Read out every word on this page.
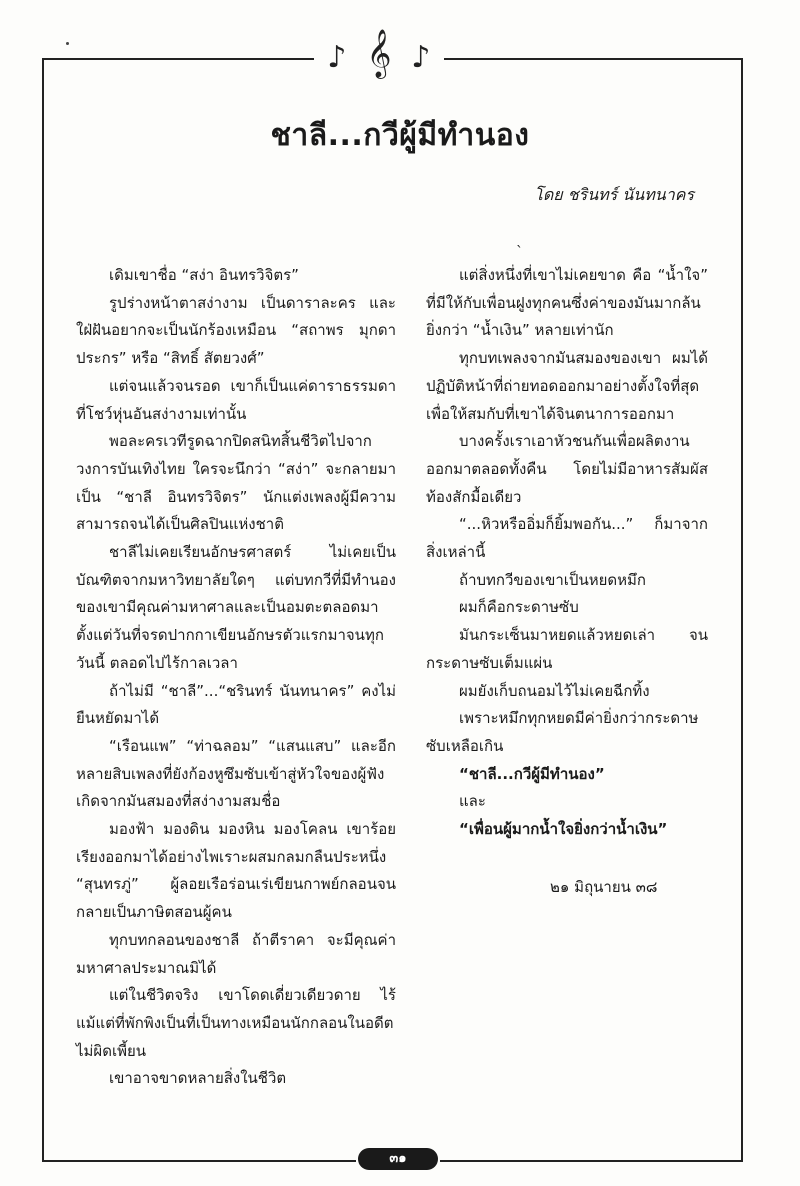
♪ 𝄞 ♪
ชาลี...กวีผู้มีทำนอง
โดย ชรินทร์ นันทนาคร
ˎ

เดิมเขาชื่อ “สง่า อินทรวิจิตร”

รูปร่างหน้าตาสง่างาม เป็นดาราละคร และใฝ่ฝันอยากจะเป็นนักร้องเหมือน “สถาพร มุกดาประกร” หรือ “สิทธิ์ สัตยวงศ์”

แต่จนแล้วจนรอด เขาก็เป็นแค่ดาราธรรมดาที่โชว์หุ่นอันสง่างามเท่านั้น

พอละครเวทีรูดฉากปิดสนิทสิ้นชีวิตไปจากวงการบันเทิงไทย ใครจะนึกว่า “สง่า” จะกลายมาเป็น “ชาลี อินทรวิจิตร” นักแต่งเพลงผู้มีความสามารถจนได้เป็นศิลปินแห่งชาติ

ชาลีไม่เคยเรียนอักษรศาสตร์ ไม่เคยเป็นบัณฑิตจากมหาวิทยาลัยใดๆ แต่บทกวีที่มีทำนองของเขามีคุณค่ามหาศาลและเป็นอมตะตลอดมาตั้งแต่วันที่จรดปากกาเขียนอักษรตัวแรกมาจนทุกวันนี้ ตลอดไปไร้กาลเวลา

ถ้าไม่มี “ชาลี”...“ชรินทร์ นันทนาคร” คงไม่ยืนหยัดมาได้

“เรือนแพ” “ท่าฉลอม” “แสนแสบ” และอีกหลายสิบเพลงที่ยังก้องหูซึมซับเข้าสู่หัวใจของผู้ฟังเกิดจากมันสมองที่สง่างามสมชื่อ

มองฟ้า มองดิน มองหิน มองโคลน เขาร้อยเรียงออกมาได้อย่างไพเราะผสมกลมกลืนประหนึ่ง “สุนทรภู่” ผู้ลอยเรือร่อนเร่เขียนกาพย์กลอนจนกลายเป็นภาษิตสอนผู้คน

ทุกบทกลอนของชาลี ถ้าตีราคา จะมีคุณค่ามหาศาลประมาณมิได้

แต่ในชีวิตจริง เขาโดดเดี่ยวเดียวดาย ไร้แม้แต่ที่พักพิงเป็นที่เป็นทางเหมือนนักกลอนในอดีตไม่ผิดเพี้ยน

เขาอาจขาดหลายสิ่งในชีวิต

แต่สิ่งหนึ่งที่เขาไม่เคยขาด คือ “น้ำใจ” ที่มีให้กับเพื่อนฝูงทุกคนซึ่งค่าของมันมากล้นยิ่งกว่า “น้ำเงิน” หลายเท่านัก

ทุกบทเพลงจากมันสมองของเขา ผมได้ปฏิบัติหน้าที่ถ่ายทอดออกมาอย่างตั้งใจที่สุดเพื่อให้สมกับที่เขาได้จินตนาการออกมา

บางครั้งเราเอาหัวชนกันเพื่อผลิตงานออกมาตลอดทั้งคืน โดยไม่มีอาหารสัมผัสท้องสักมื้อเดียว

“...หิวหรืออิ่มก็ยิ้มพอกัน...” ก็มาจากสิ่งเหล่านี้

ถ้าบทกวีของเขาเป็นหยดหมึก

ผมก็คือกระดาษซับ

มันกระเซ็นมาหยดแล้วหยดเล่า จนกระดาษซับเต็มแผ่น

ผมยังเก็บถนอมไว้ไม่เคยฉีกทิ้ง

เพราะหมึกทุกหยดมีค่ายิ่งกว่ากระดาษซับเหลือเกิน

“ชาลี...กวีผู้มีทำนอง”

และ

“เพื่อนผู้มากน้ำใจยิ่งกว่าน้ำเงิน”

๒๑ มิถุนายน ๓๘
๓๑
